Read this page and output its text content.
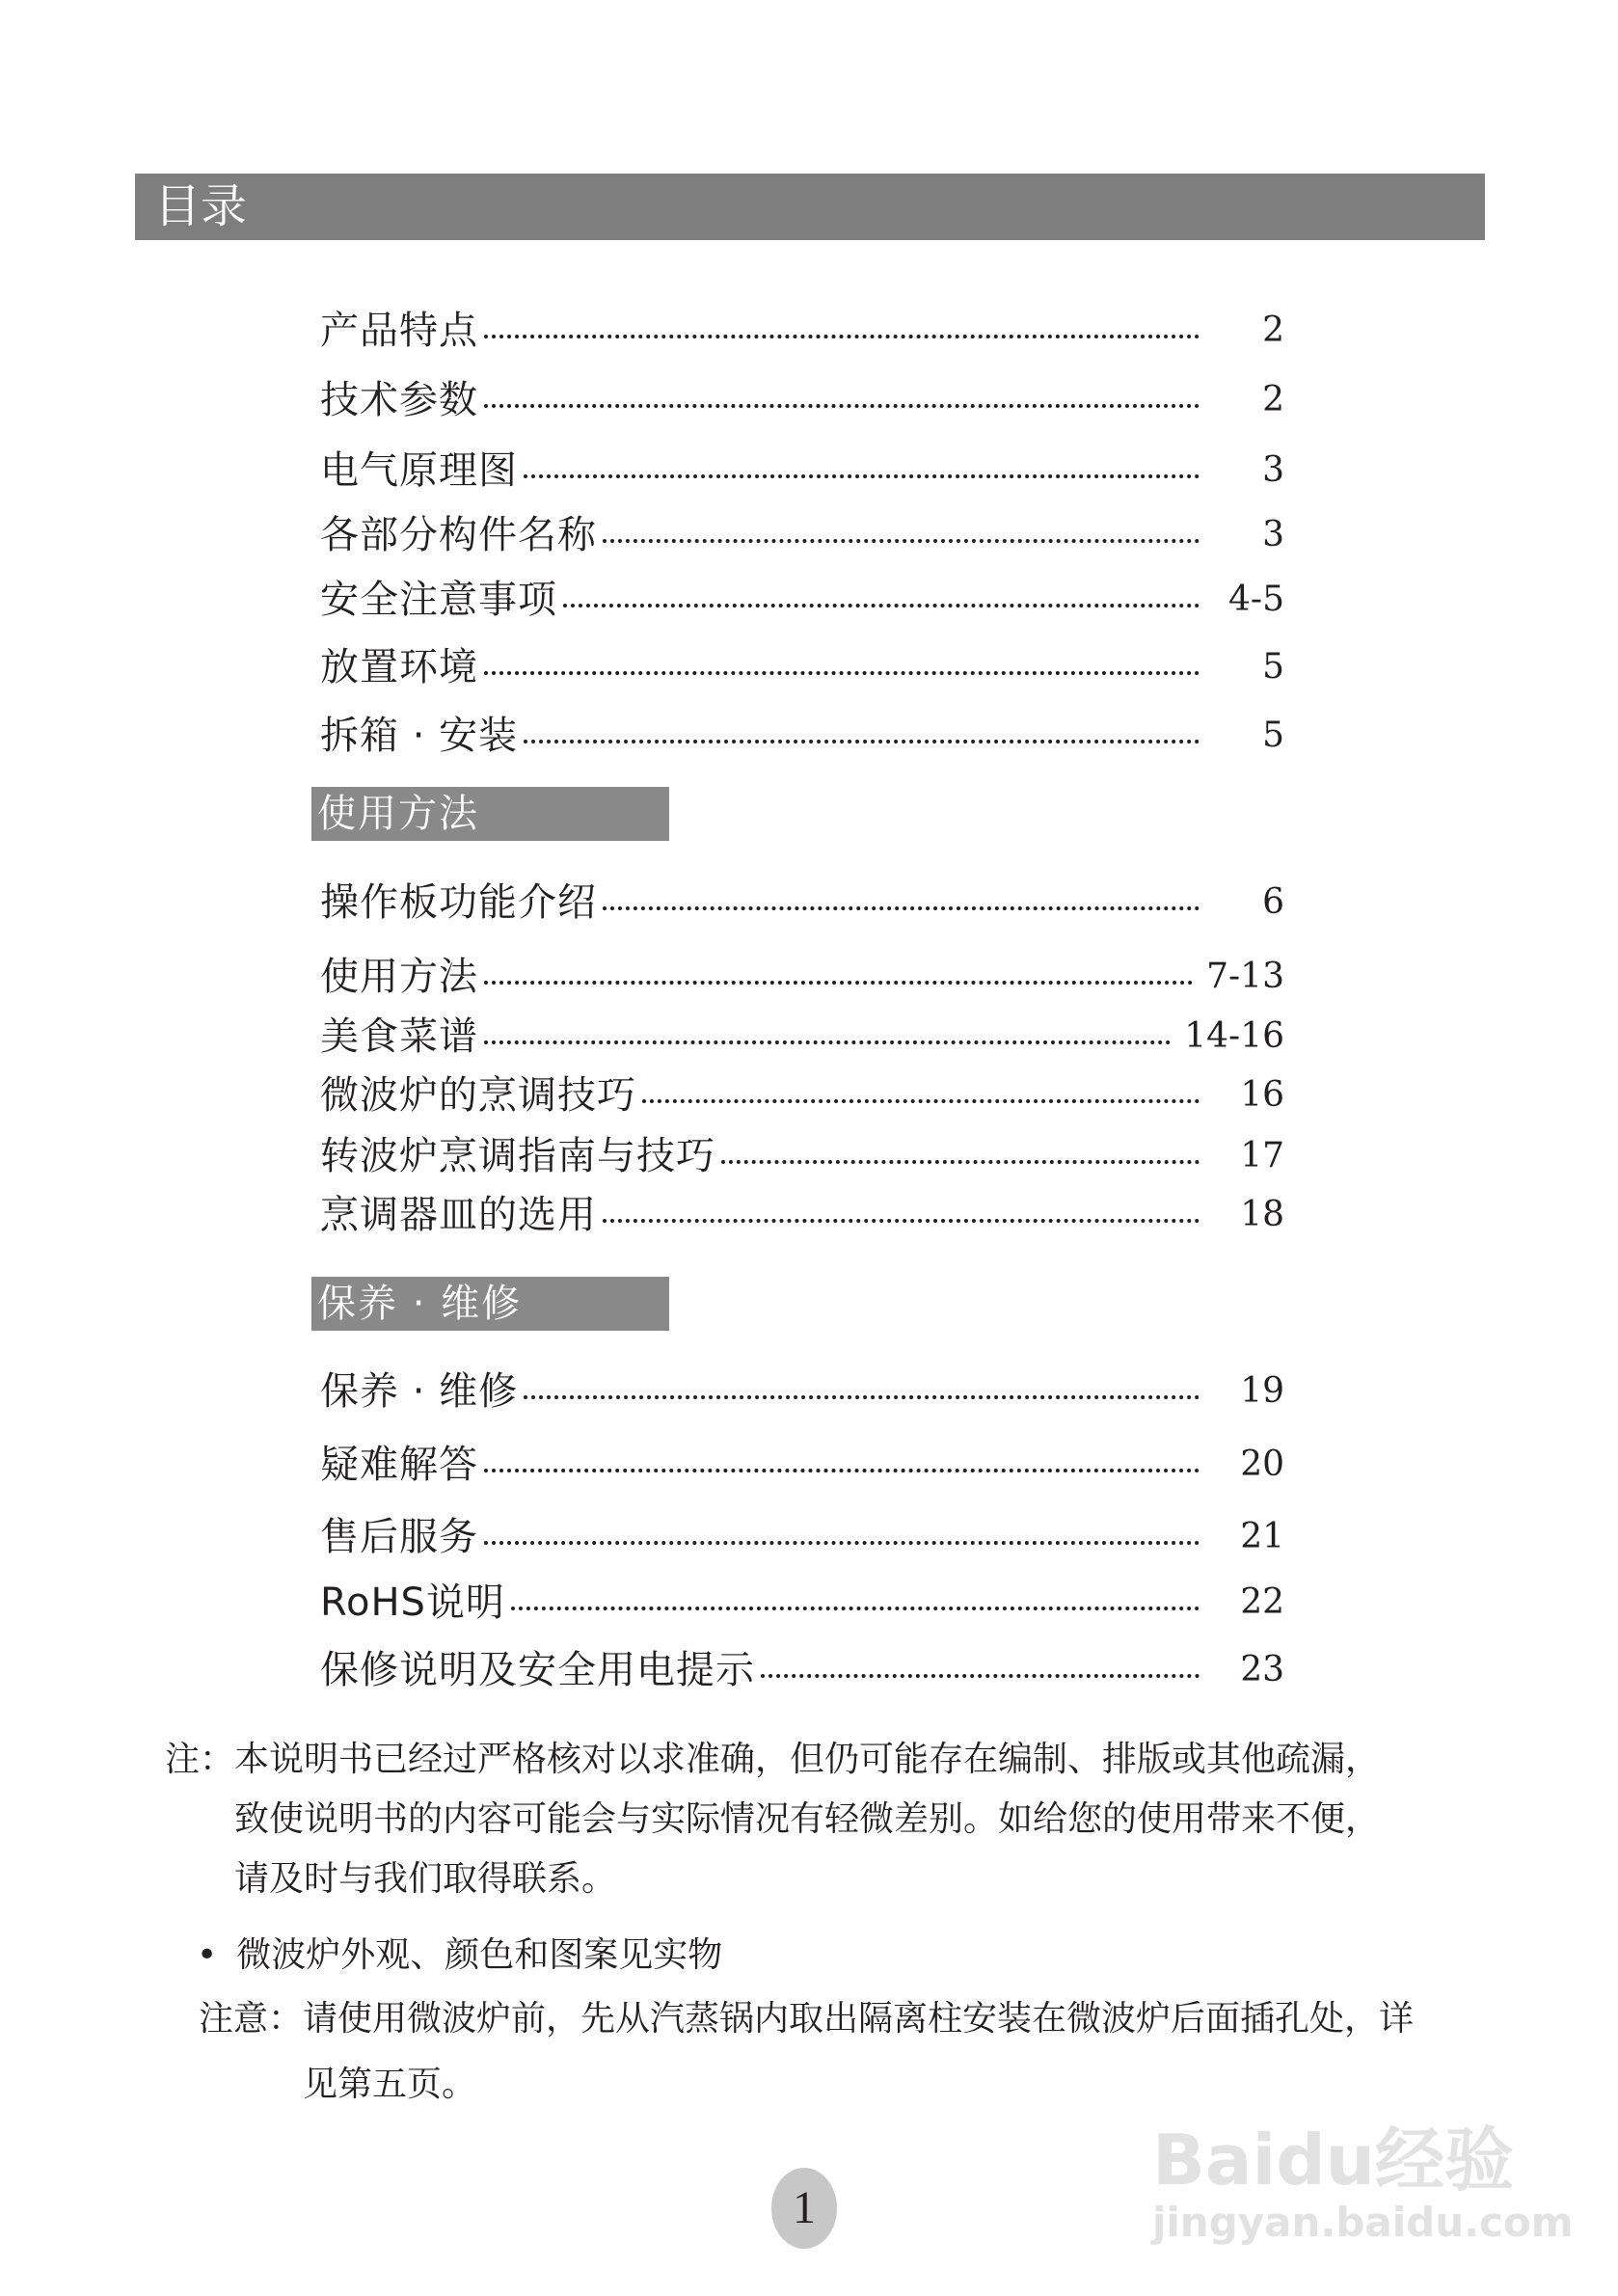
目录
产品特点	2
技术参数	2
电气原理图	3
各部分构件名称	3
安全注意事项	4-5
放置环境	5
拆箱 · 安装	5
使用方法
操作板功能介绍	6
使用方法	7-13
美食菜谱	14-16
微波炉的烹调技巧	16
转波炉烹调指南与技巧	17
烹调器皿的选用	18
保养 · 维修
保养 · 维修	19
疑难解答	20
售后服务	21
RoHS说明	22
保修说明及安全用电提示	23
注： 本说明书已经过严格核对以求准确，但仍可能存在编制、排版或其他疏漏，
致使说明书的内容可能会与实际情况有轻微差别。如给您的使用带来不便，
请及时与我们取得联系。
• 微波炉外观、颜色和图案见实物
注意： 请使用微波炉前，先从汽蒸锅内取出隔离柱安装在微波炉后面插孔处，详
见第五页。
Baidu经验
jingyan.baidu.com
1
